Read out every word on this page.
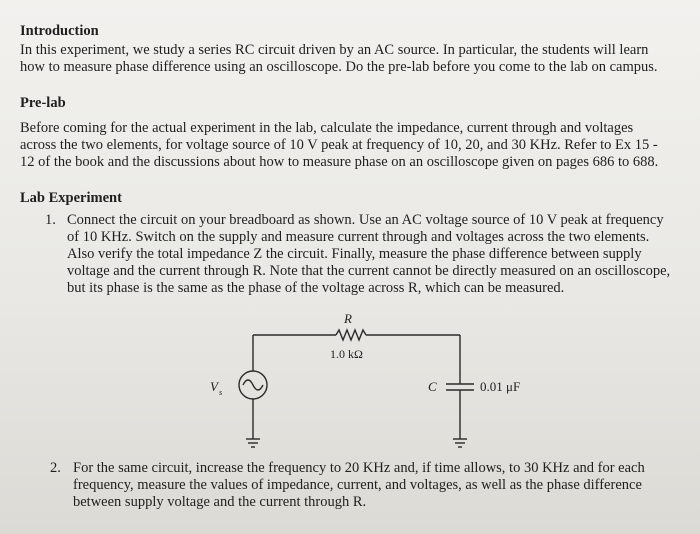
Introduction
In this experiment, we study a series RC circuit driven by an AC source. In particular, the students will learn
how to measure phase difference using an oscilloscope. Do the pre-lab before you come to the lab on campus.
Pre-lab
Before coming for the actual experiment in the lab, calculate the impedance, current through and voltages
across the two elements, for voltage source of 10 V peak at frequency of 10, 20, and 30 KHz. Refer to Ex 15 -
12 of the book and the discussions about how to measure phase on an oscilloscope given on pages 686 to 688.
Lab Experiment
1. Connect the circuit on your breadboard as shown. Use an AC voltage source of 10 V peak at frequency
of 10 KHz. Switch on the supply and measure current through and voltages across the two elements.
Also verify the total impedance Z the circuit. Finally, measure the phase difference between supply
voltage and the current through R. Note that the current cannot be directly measured on an oscilloscope,
but its phase is the same as the phase of the voltage across R, which can be measured.
R
1.0 kΩ
V s	C	0.01 μF
2. For the same circuit, increase the frequency to 20 KHz and, if time allows, to 30 KHz and for each
frequency, measure the values of impedance, current, and voltages, as well as the phase difference
between supply voltage and the current through R.
